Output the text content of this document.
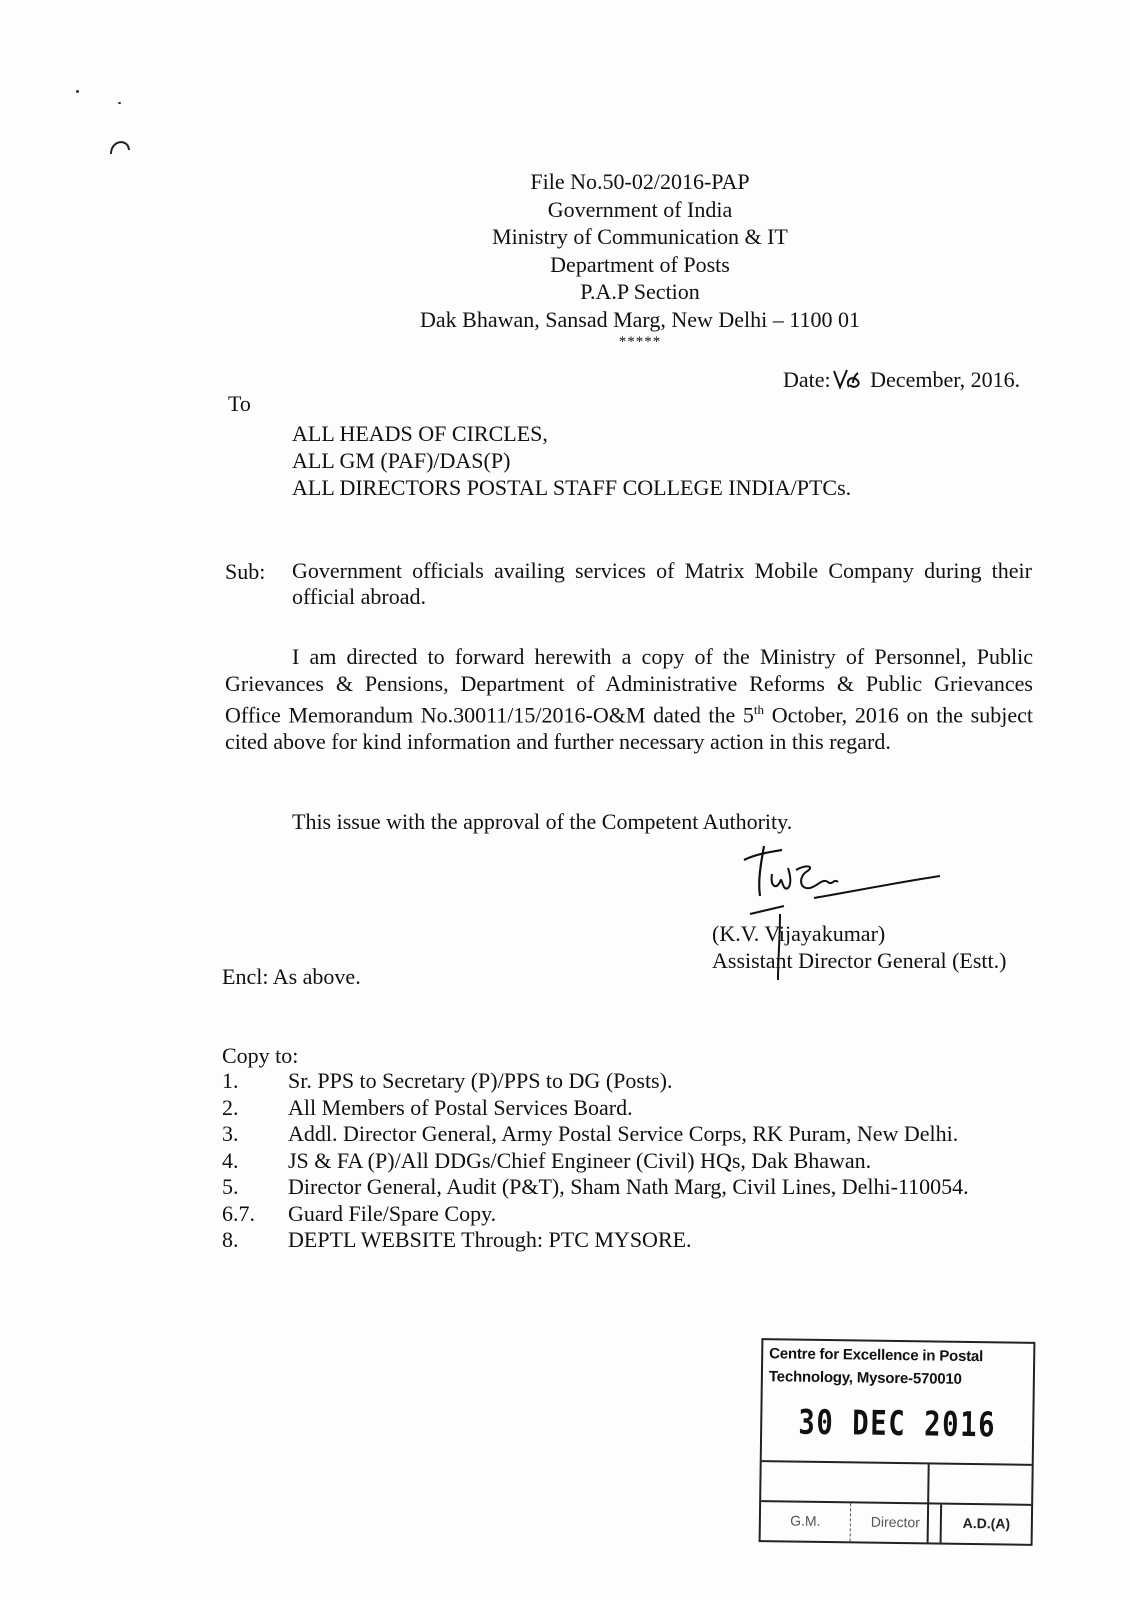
File No.50-02/2016-PAP
Government of India
Ministry of Communication & IT
Department of Posts
P.A.P Section
Dak Bhawan, Sansad Marg, New Delhi – 1100 01
*****
Date: December, 2016.
To
ALL HEADS OF CIRCLES,
ALL GM (PAF)/DAS(P)
ALL DIRECTORS POSTAL STAFF COLLEGE INDIA/PTCs.
Sub: Government officials availing services of Matrix Mobile Company during their official abroad.
I am directed to forward herewith a copy of the Ministry of Personnel, Public Grievances & Pensions, Department of Administrative Reforms & Public Grievances Office Memorandum No.30011/15/2016-O&M dated the 5th October, 2016 on the subject cited above for kind information and further necessary action in this regard.
This issue with the approval of the Competent Authority.
(K.V. Vijayakumar)
Assistant Director General (Estt.)
Encl: As above.
Copy to:
1.	Sr. PPS to Secretary (P)/PPS to DG (Posts).
2.	All Members of Postal Services Board.
3.	Addl. Director General, Army Postal Service Corps, RK Puram, New Delhi.
4.	JS & FA (P)/All DDGs/Chief Engineer (Civil) HQs, Dak Bhawan.
5.	Director General, Audit (P&T), Sham Nath Marg, Civil Lines, Delhi-110054.
6.7.	Guard File/Spare Copy.
8.	DEPTL WEBSITE Through: PTC MYSORE.
Centre for Excellence in Postal
Technology, Mysore-570010
30 DEC 2016
G.M.	Director	A.D.(A)
